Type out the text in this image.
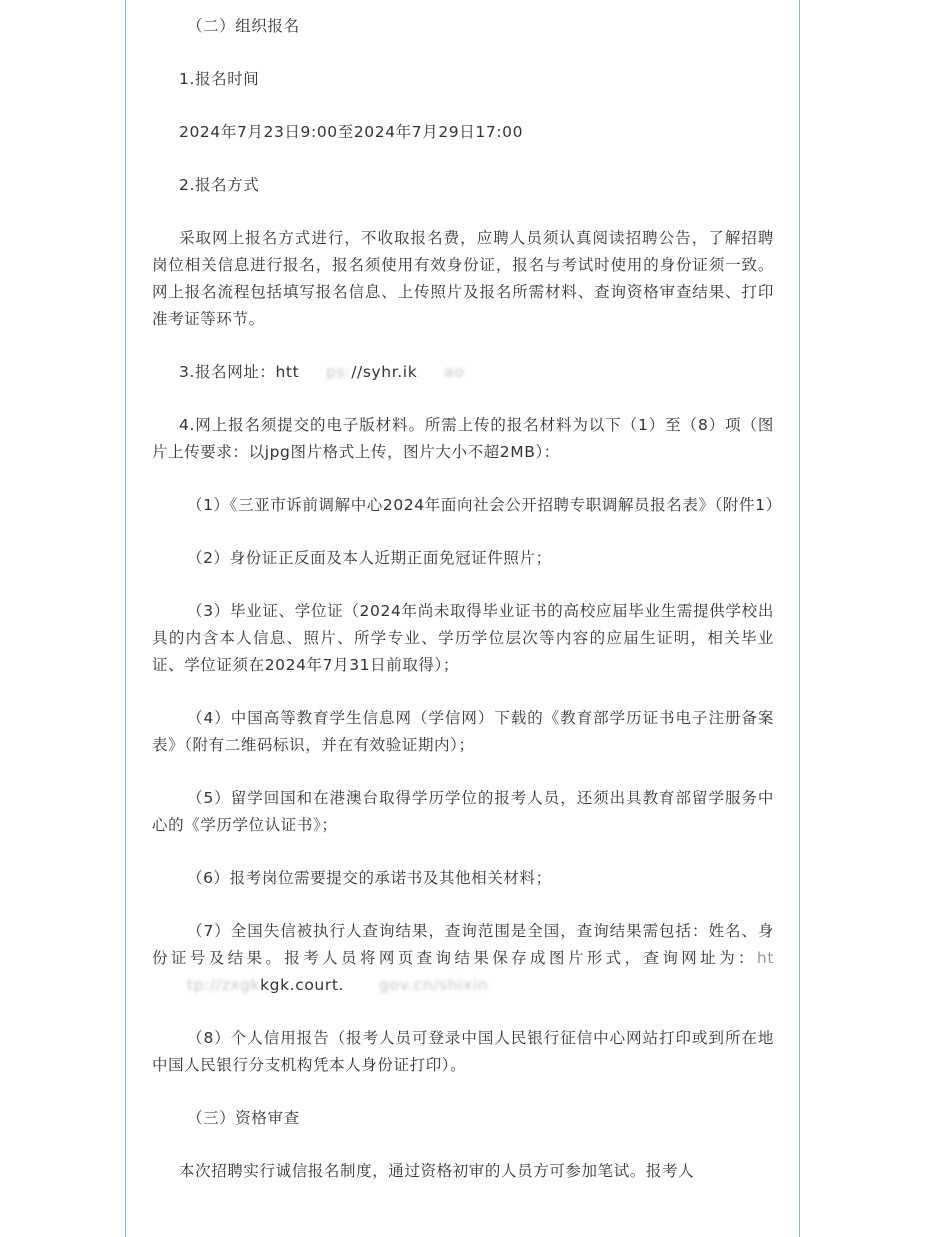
（二）组织报名

1.报名时间

2024年7月23日9:00至2024年7月29日17:00

2.报名方式

采取网上报名方式进行，不收取报名费，应聘人员须认真阅读招聘公告，了解招聘岗位相关信息进行报名，报名须使用有效身份证，报名与考试时使用的身份证须一致。网上报名流程包括填写报名信息、上传照片及报名所需材料、查询资格审查结果、打印准考证等环节。

3.报名网址：htt ps://syhr.ik ao

4.网上报名须提交的电子版材料。所需上传的报名材料为以下（1）至（8）项（图片上传要求：以jpg图片格式上传，图片大小不超2MB）：

（1）《三亚市诉前调解中心2024年面向社会公开招聘专职调解员报名表》（附件1）

（2）身份证正反面及本人近期正面免冠证件照片；

（3）毕业证、学位证（2024年尚未取得毕业证书的高校应届毕业生需提供学校出具的内含本人信息、照片、所学专业、学历学位层次等内容的应届生证明，相关毕业证、学位证须在2024年7月31日前取得）；

（4）中国高等教育学生信息网（学信网）下载的《教育部学历证书电子注册备案表》（附有二维码标识，并在有效验证期内）；

（5）留学回国和在港澳台取得学历学位的报考人员，还须出具教育部留学服务中心的《学历学位认证书》；

（6）报考岗位需要提交的承诺书及其他相关材料；

（7）全国失信被执行人查询结果，查询范围是全国，查询结果需包括：姓名、身份证号及结果。报考人员将网页查询结果保存成图片形式，查询网址为：http://zxgkkgk.court. gov.cn/shixin

（8）个人信用报告（报考人员可登录中国人民银行征信中心网站打印或到所在地中国人民银行分支机构凭本人身份证打印）。

（三）资格审查

本次招聘实行诚信报名制度，通过资格初审的人员方可参加笔试。报考人
